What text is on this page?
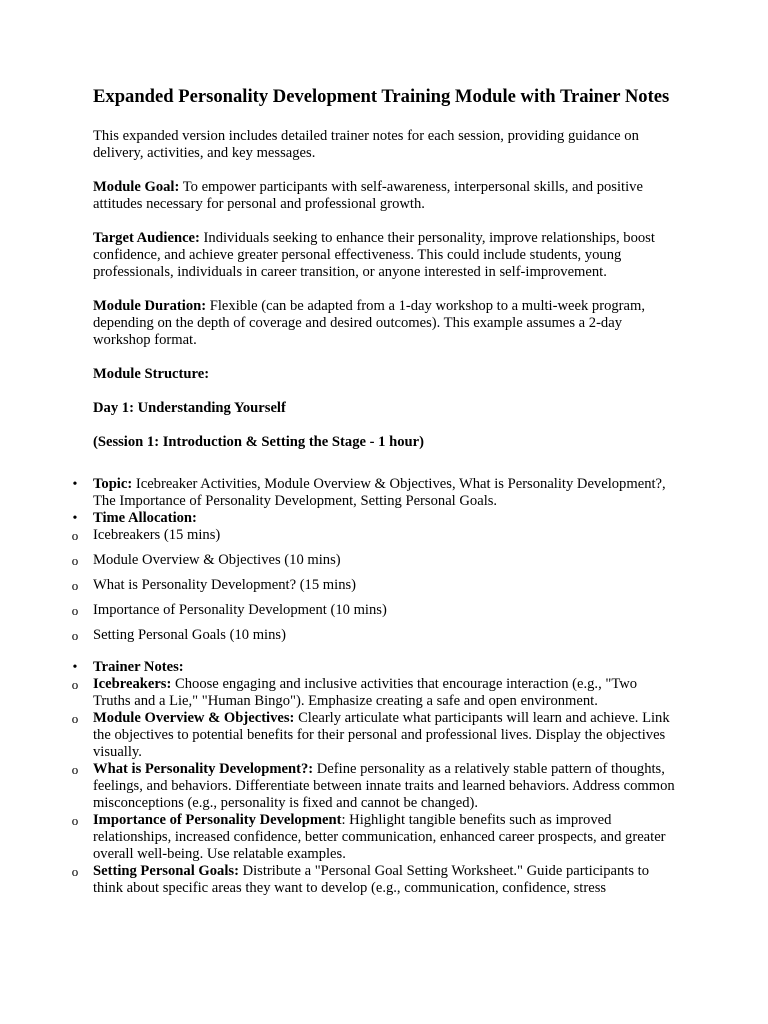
Expanded Personality Development Training Module with Trainer Notes

This expanded version includes detailed trainer notes for each session, providing guidance on delivery, activities, and key messages.

Module Goal: To empower participants with self-awareness, interpersonal skills, and positive attitudes necessary for personal and professional growth.

Target Audience: Individuals seeking to enhance their personality, improve relationships, boost confidence, and achieve greater personal effectiveness. This could include students, young professionals, individuals in career transition, or anyone interested in self-improvement.

Module Duration: Flexible (can be adapted from a 1-day workshop to a multi-week program, depending on the depth of coverage and desired outcomes). This example assumes a 2-day workshop format.

Module Structure:
Day 1: Understanding Yourself
(Session 1: Introduction & Setting the Stage - 1 hour)
• Topic: Icebreaker Activities, Module Overview & Objectives, What is Personality Development?, The Importance of Personality Development, Setting Personal Goals.
• Time Allocation:
o Icebreakers (15 mins)
o Module Overview & Objectives (10 mins)
o What is Personality Development? (15 mins)
o Importance of Personality Development (10 mins)
o Setting Personal Goals (10 mins)
• Trainer Notes:
o Icebreakers: Choose engaging and inclusive activities that encourage interaction (e.g., "Two Truths and a Lie," "Human Bingo"). Emphasize creating a safe and open environment.
o Module Overview & Objectives: Clearly articulate what participants will learn and achieve. Link the objectives to potential benefits for their personal and professional lives. Display the objectives visually.
o What is Personality Development?: Define personality as a relatively stable pattern of thoughts, feelings, and behaviors. Differentiate between innate traits and learned behaviors. Address common misconceptions (e.g., personality is fixed and cannot be changed).
o Importance of Personality Development: Highlight tangible benefits such as improved relationships, increased confidence, better communication, enhanced career prospects, and greater overall well-being. Use relatable examples.
o Setting Personal Goals: Distribute a "Personal Goal Setting Worksheet." Guide participants to think about specific areas they want to develop (e.g., communication, confidence, stress
